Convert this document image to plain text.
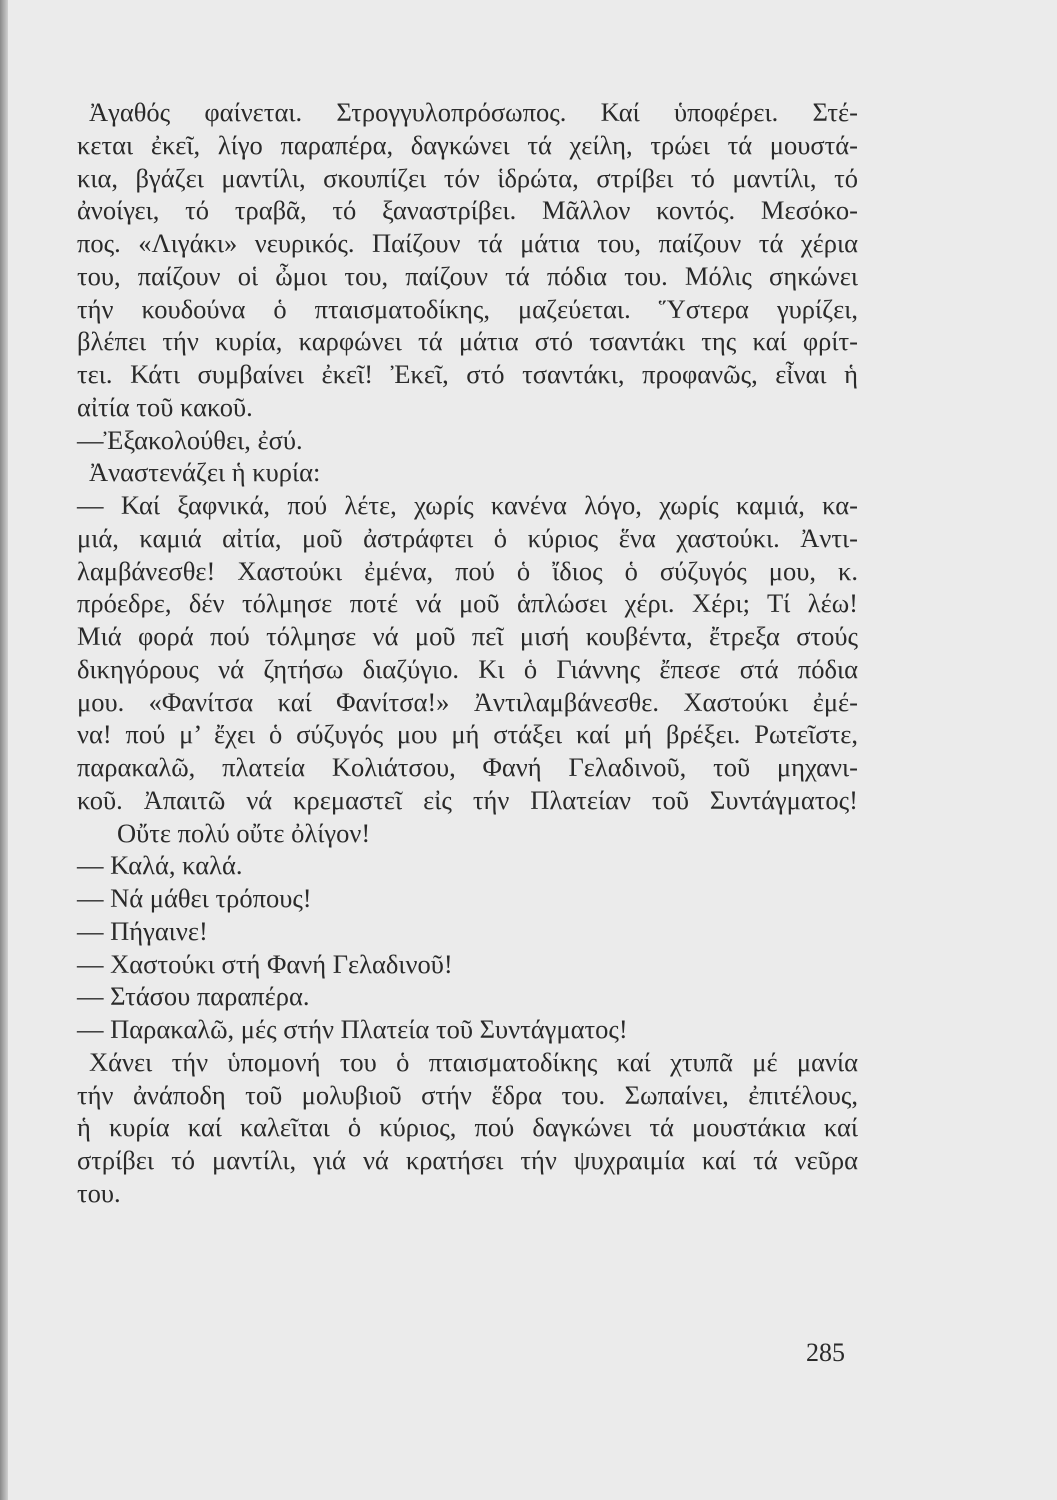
Ἀγαθός φαίνεται. Στρογγυλοπρόσωπος. Καί ὑποφέρει. Στέ-
κεται ἐκεῖ, λίγο παραπέρα, δαγκώνει τά χείλη, τρώει τά μουστά-
κια, βγάζει μαντίλι, σκουπίζει τόν ἱδρώτα, στρίβει τό μαντίλι, τό
ἀνοίγει, τό τραβᾶ, τό ξαναστρίβει. Μᾶλλον κοντός. Μεσόκο-
πος. «Λιγάκι» νευρικός. Παίζουν τά μάτια του, παίζουν τά χέρια
του, παίζουν οἱ ὦμοι του, παίζουν τά πόδια του. Μόλις σηκώνει
τήν κουδούνα ὁ πταισματοδίκης, μαζεύεται. Ὕστερα γυρίζει,
βλέπει τήν κυρία, καρφώνει τά μάτια στό τσαντάκι της καί φρίτ-
τει. Κάτι συμβαίνει ἐκεῖ! Ἐκεῖ, στό τσαντάκι, προφανῶς, εἶναι ἡ
αἰτία τοῦ κακοῦ.
—Ἐξακολούθει, ἐσύ.
Ἀναστενάζει ἡ κυρία:
— Καί ξαφνικά, πού λέτε, χωρίς κανένα λόγο, χωρίς καμιά, κα-
μιά, καμιά αἰτία, μοῦ ἀστράφτει ὁ κύριος ἕνα χαστούκι. Ἀντι-
λαμβάνεσθε! Χαστούκι ἐμένα, πού ὁ ἴδιος ὁ σύζυγός μου, κ.
πρόεδρε, δέν τόλμησε ποτέ νά μοῦ ἁπλώσει χέρι. Χέρι; Τί λέω!
Μιά φορά πού τόλμησε νά μοῦ πεῖ μισή κουβέντα, ἔτρεξα στούς
δικηγόρους νά ζητήσω διαζύγιο. Κι ὁ Γιάννης ἔπεσε στά πόδια
μου. «Φανίτσα καί Φανίτσα!» Ἀντιλαμβάνεσθε. Χαστούκι ἐμέ-
να! πού μ’ ἔχει ὁ σύζυγός μου μή στάξει καί μή βρέξει. Ρωτεῖστε,
παρακαλῶ, πλατεία Κολιάτσου, Φανή Γελαδινοῦ, τοῦ μηχανι-
κοῦ. Ἀπαιτῶ νά κρεμαστεῖ εἰς τήν Πλατείαν τοῦ Συντάγματος!
Οὔτε πολύ οὔτε ὀλίγον!
— Καλά, καλά.
— Νά μάθει τρόπους!
— Πήγαινε!
— Χαστούκι στή Φανή Γελαδινοῦ!
— Στάσου παραπέρα.
— Παρακαλῶ, μές στήν Πλατεία τοῦ Συντάγματος!
Χάνει τήν ὑπομονή του ὁ πταισματοδίκης καί χτυπᾶ μέ μανία
τήν ἀνάποδη τοῦ μολυβιοῦ στήν ἕδρα του. Σωπαίνει, ἐπιτέλους,
ἡ κυρία καί καλεῖται ὁ κύριος, πού δαγκώνει τά μουστάκια καί
στρίβει τό μαντίλι, γιά νά κρατήσει τήν ψυχραιμία καί τά νεῦρα
του.
285
